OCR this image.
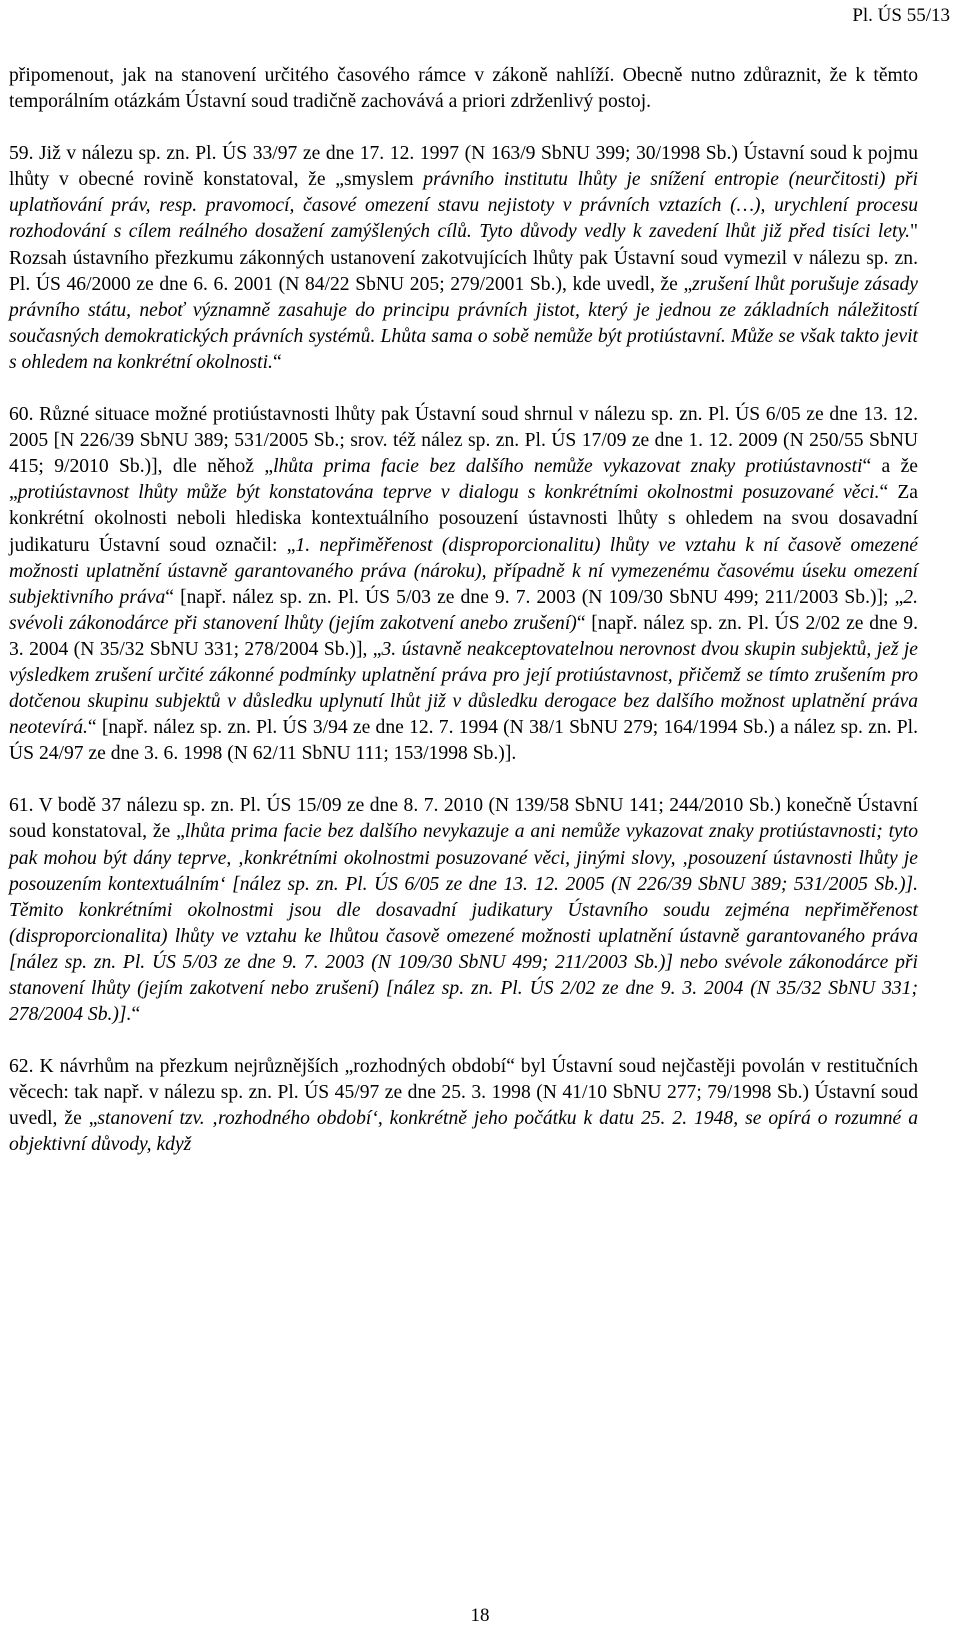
Pl. ÚS 55/13

připomenout, jak na stanovení určitého časového rámce v zákoně nahlíží. Obecně nutno zdůraznit, že k těmto temporálním otázkám Ústavní soud tradičně zachovává a priori zdrženlivý postoj.

59. Již v nálezu sp. zn. Pl. ÚS 33/97 ze dne 17. 12. 1997 (N 163/9 SbNU 399; 30/1998 Sb.) Ústavní soud k pojmu lhůty v obecné rovině konstatoval, že „smyslem právního institutu lhůty je snížení entropie (neurčitosti) při uplatňování práv, resp. pravomocí, časové omezení stavu nejistoty v právních vztazích (…), urychlení procesu rozhodování s cílem reálného dosažení zamýšlených cílů. Tyto důvody vedly k zavedení lhůt již před tisíci lety." Rozsah ústavního přezkumu zákonných ustanovení zakotvujících lhůty pak Ústavní soud vymezil v nálezu sp. zn. Pl. ÚS 46/2000 ze dne 6. 6. 2001 (N 84/22 SbNU 205; 279/2001 Sb.), kde uvedl, že „zrušení lhůt porušuje zásady právního státu, neboť významně zasahuje do principu právních jistot, který je jednou ze základních náležitostí současných demokratických právních systémů. Lhůta sama o sobě nemůže být protiústavní. Může se však takto jevit s ohledem na konkrétní okolnosti.“

60. Různé situace možné protiústavnosti lhůty pak Ústavní soud shrnul v nálezu sp. zn. Pl. ÚS 6/05 ze dne 13. 12. 2005 [N 226/39 SbNU 389; 531/2005 Sb.; srov. též nález sp. zn. Pl. ÚS 17/09 ze dne 1. 12. 2009 (N 250/55 SbNU 415; 9/2010 Sb.)], dle něhož „lhůta prima facie bez dalšího nemůže vykazovat znaky protiústavnosti“ a že „protiústavnost lhůty může být konstatována teprve v dialogu s konkrétními okolnostmi posuzované věci.“ Za konkrétní okolnosti neboli hlediska kontextuálního posouzení ústavnosti lhůty s ohledem na svou dosavadní judikaturu Ústavní soud označil: „1. nepřiměřenost (disproporcionalitu) lhůty ve vztahu k ní časově omezené možnosti uplatnění ústavně garantovaného práva (nároku), případně k ní vymezenému časovému úseku omezení subjektivního práva“ [např. nález sp. zn. Pl. ÚS 5/03 ze dne 9. 7. 2003 (N 109/30 SbNU 499; 211/2003 Sb.)]; „2. svévoli zákonodárce při stanovení lhůty (jejím zakotvení anebo zrušení)“ [např. nález sp. zn. Pl. ÚS 2/02 ze dne 9. 3. 2004 (N 35/32 SbNU 331; 278/2004 Sb.)], „3. ústavně neakceptovatelnou nerovnost dvou skupin subjektů, jež je výsledkem zrušení určité zákonné podmínky uplatnění práva pro její protiústavnost, přičemž se tímto zrušením pro dotčenou skupinu subjektů v důsledku uplynutí lhůt již v důsledku derogace bez dalšího možnost uplatnění práva neotevírá.“ [např. nález sp. zn. Pl. ÚS 3/94 ze dne 12. 7. 1994 (N 38/1 SbNU 279; 164/1994 Sb.) a nález sp. zn. Pl. ÚS 24/97 ze dne 3. 6. 1998 (N 62/11 SbNU 111; 153/1998 Sb.)].

61. V bodě 37 nálezu sp. zn. Pl. ÚS 15/09 ze dne 8. 7. 2010 (N 139/58 SbNU 141; 244/2010 Sb.) konečně Ústavní soud konstatoval, že „lhůta prima facie bez dalšího nevykazuje a ani nemůže vykazovat znaky protiústavnosti; tyto pak mohou být dány teprve, ‚konkrétními okolnostmi posuzované věci, jinými slovy, ‚posouzení ústavnosti lhůty je posouzením kontextuálním‘ [nález sp. zn. Pl. ÚS 6/05 ze dne 13. 12. 2005 (N 226/39 SbNU 389; 531/2005 Sb.)]. Těmito konkrétními okolnostmi jsou dle dosavadní judikatury Ústavního soudu zejména nepřiměřenost (disproporcionalita) lhůty ve vztahu ke lhůtou časově omezené možnosti uplatnění ústavně garantovaného práva [nález sp. zn. Pl. ÚS 5/03 ze dne 9. 7. 2003 (N 109/30 SbNU 499; 211/2003 Sb.)] nebo svévole zákonodárce při stanovení lhůty (jejím zakotvení nebo zrušení) [nález sp. zn. Pl. ÚS 2/02 ze dne 9. 3. 2004 (N 35/32 SbNU 331; 278/2004 Sb.)].“

62. K návrhům na přezkum nejrůznějších „rozhodných období“ byl Ústavní soud nejčastěji povolán v restitučních věcech: tak např. v nálezu sp. zn. Pl. ÚS 45/97 ze dne 25. 3. 1998 (N 41/10 SbNU 277; 79/1998 Sb.) Ústavní soud uvedl, že „stanovení tzv. ‚rozhodného období‘, konkrétně jeho počátku k datu 25. 2. 1948, se opírá o rozumné a objektivní důvody, když

18
